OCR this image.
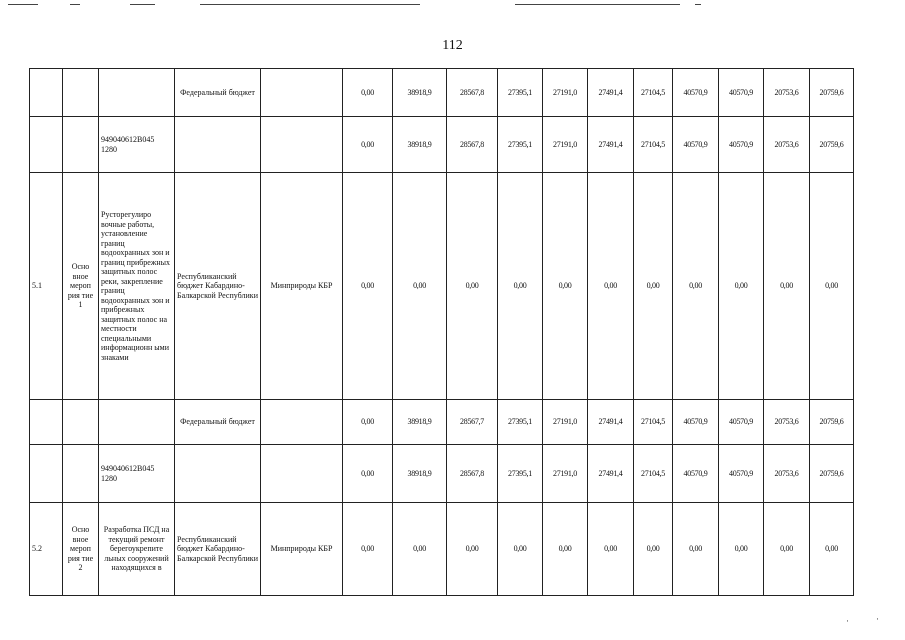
112
			Федеральный бюджет		0,00	38918,9	28567,8	27395,1	27191,0	27491,4	27104,5	40570,9	40570,9	20753,6	20759,6
		949040612В045 1280			0,00	38918,9	28567,8	27395,1	27191,0	27491,4	27104,5	40570,9	40570,9	20753,6	20759,6
5.1	Осно вное мероп рия тие 1	Русторегулиро вочные работы, установление границ водоохранных зон и границ прибрежных защитных полос реки, закрепление границ водоохранных зон и прибрежных защитных полос на местности специальными информационн ыми знаками	Республиканский бюджет Кабардино-Балкарской Республики	Минприроды КБР	0,00	0,00	0,00	0,00	0,00	0,00	0,00	0,00	0,00	0,00	0,00
			Федеральный бюджет		0,00	38918,9	28567,7	27395,1	27191,0	27491,4	27104,5	40570,9	40570,9	20753,6	20759,6
		949040612В045 1280			0,00	38918,9	28567,8	27395,1	27191,0	27491,4	27104,5	40570,9	40570,9	20753,6	20759,6
5.2	Осно вное мероп рия тие 2	Разработка ПСД на текущий ремонт берегоукрепите льных сооружений находящихся в	Республиканский бюджет Кабардино-Балкарской Республики	Минприроды КБР	0,00	0,00	0,00	0,00	0,00	0,00	0,00	0,00	0,00	0,00	0,00
·	·
